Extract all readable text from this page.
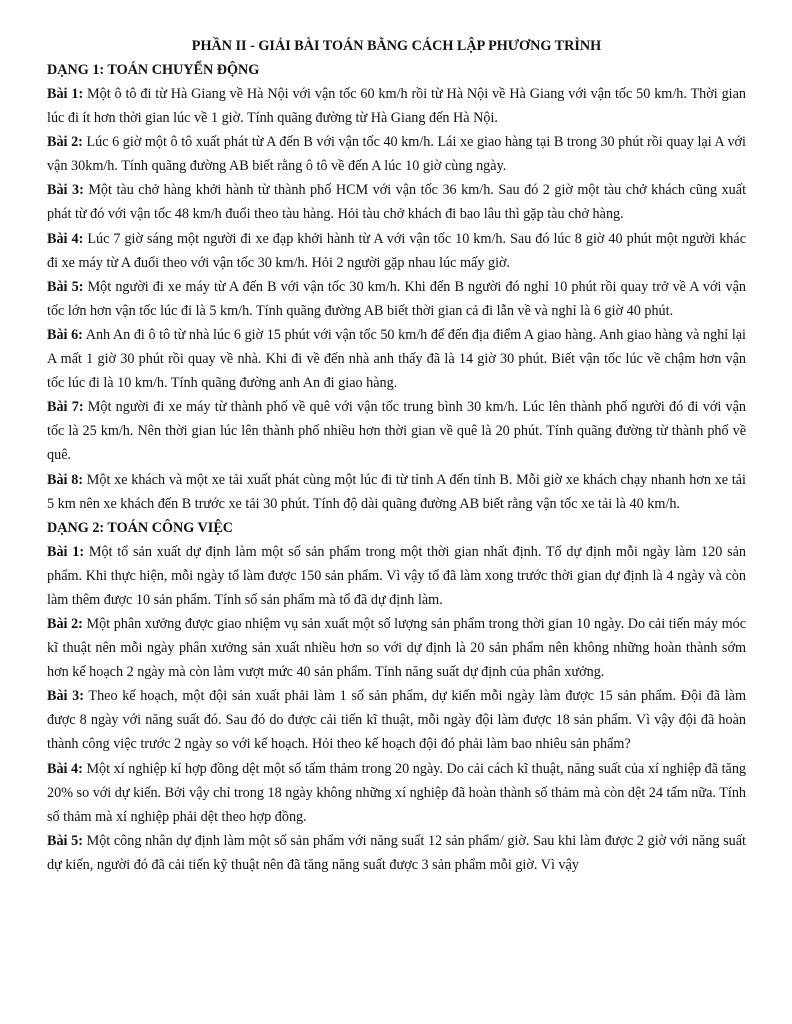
PHẦN II - GIẢI BÀI TOÁN BẰNG CÁCH LẬP PHƯƠNG TRÌNH

DẠNG 1: TOÁN CHUYỂN ĐỘNG

Bài 1: Một ô tô đi từ Hà Giang về Hà Nội với vận tốc 60 km/h rồi từ Hà Nội về Hà Giang với vận tốc 50 km/h. Thời gian lúc đi ít hơn thời gian lúc về 1 giờ. Tính quãng đường từ Hà Giang đến Hà Nội.

Bài 2: Lúc 6 giờ một ô tô xuất phát từ A đến B với vận tốc 40 km/h. Lái xe giao hàng tại B trong 30 phút rồi quay lại A với vận 30km/h. Tính quãng đường AB biết rằng ô tô về đến A lúc 10 giờ cùng ngày.

Bài 3: Một tàu chở hàng khởi hành từ thành phố HCM với vận tốc 36 km/h. Sau đó 2 giờ một tàu chở khách cũng xuất phát từ đó với vận tốc 48 km/h đuổi theo tàu hàng. Hỏi tàu chở khách đi bao lâu thì gặp tàu chở hàng.

Bài 4: Lúc 7 giờ sáng một người đi xe đạp khởi hành từ A với vận tốc 10 km/h. Sau đó lúc 8 giờ 40 phút một người khác đi xe máy từ A đuổi theo với vận tốc 30 km/h. Hỏi 2 người gặp nhau lúc mấy giờ.

Bài 5: Một người đi xe máy từ A đến B với vận tốc 30 km/h. Khi đến B người đó nghỉ 10 phút rồi quay trở về A với vận tốc lớn hơn vận tốc lúc đi là 5 km/h. Tính quãng đường AB biết thời gian cả đi lẫn về và nghỉ là 6 giờ 40 phút.

Bài 6: Anh An đi ô tô từ nhà lúc 6 giờ 15 phút với vận tốc 50 km/h để đến địa điểm A giao hàng. Anh giao hàng và nghỉ lại A mất 1 giờ 30 phút rồi quay về nhà. Khi đi về đến nhà anh thấy đã là 14 giờ 30 phút. Biết vận tốc lúc về chậm hơn vận tốc lúc đi là 10 km/h. Tính quãng đường anh An đi giao hàng.

Bài 7: Một người đi xe máy từ thành phố về quê với vận tốc trung bình 30 km/h. Lúc lên thành phố người đó đi với vận tốc là 25 km/h. Nên thời gian lúc lên thành phố nhiều hơn thời gian về quê là 20 phút. Tính quãng đường từ thành phố về quê.

Bài 8: Một xe khách và một xe tải xuất phát cùng một lúc đi từ tỉnh A đến tỉnh B. Mỗi giờ xe khách chạy nhanh hơn xe tải 5 km nên xe khách đến B trước xe tải 30 phút. Tính độ dài quãng đường AB biết rằng vận tốc xe tải là 40 km/h.

DẠNG 2: TOÁN CÔNG VIỆC

Bài 1: Một tổ sản xuất dự định làm một số sản phẩm trong một thời gian nhất định. Tổ dự định mỗi ngày làm 120 sản phẩm. Khi thực hiện, mỗi ngày tổ làm được 150 sản phẩm. Vì vậy tổ đã làm xong trước thời gian dự định là 4 ngày và còn làm thêm được 10 sản phẩm. Tính số sản phẩm mà tổ đã dự định làm.

Bài 2: Một phân xưởng được giao nhiệm vụ sản xuất một số lượng sản phẩm trong thời gian 10 ngày. Do cải tiến máy móc kĩ thuật nên mỗi ngày phân xưởng sản xuất nhiều hơn so với dự định là 20 sản phẩm nên không những hoàn thành sớm hơn kế hoạch 2 ngày mà còn làm vượt mức 40 sản phẩm. Tính năng suất dự định của phân xưởng.

Bài 3: Theo kế hoạch, một đội sản xuất phải làm 1 số sản phẩm, dự kiến mỗi ngày làm được 15 sản phẩm. Đội đã làm được 8 ngày với năng suất đó. Sau đó do được cải tiến kĩ thuật, mỗi ngày đội làm được 18 sản phẩm. Vì vậy đội đã hoàn thành công việc trước 2 ngày so với kế hoạch. Hỏi theo kế hoạch đội đó phải làm bao nhiêu sản phẩm?

Bài 4: Một xí nghiệp kí hợp đồng dệt một số tấm thảm trong 20 ngày. Do cải cách kĩ thuật, năng suất của xí nghiệp đã tăng 20% so với dự kiến. Bởi vậy chỉ trong 18 ngày không những xí nghiệp đã hoàn thành số thảm mà còn dệt 24 tấm nữa. Tính số thảm mà xí nghiệp phải dệt theo hợp đồng.

Bài 5: Một công nhân dự định làm một số sản phẩm với năng suất 12 sản phẩm/ giờ. Sau khi làm được 2 giờ với năng suất dự kiến, người đó đã cải tiến kỹ thuật nên đã tăng năng suất được 3 sản phẩm mỗi giờ. Vì vậy
